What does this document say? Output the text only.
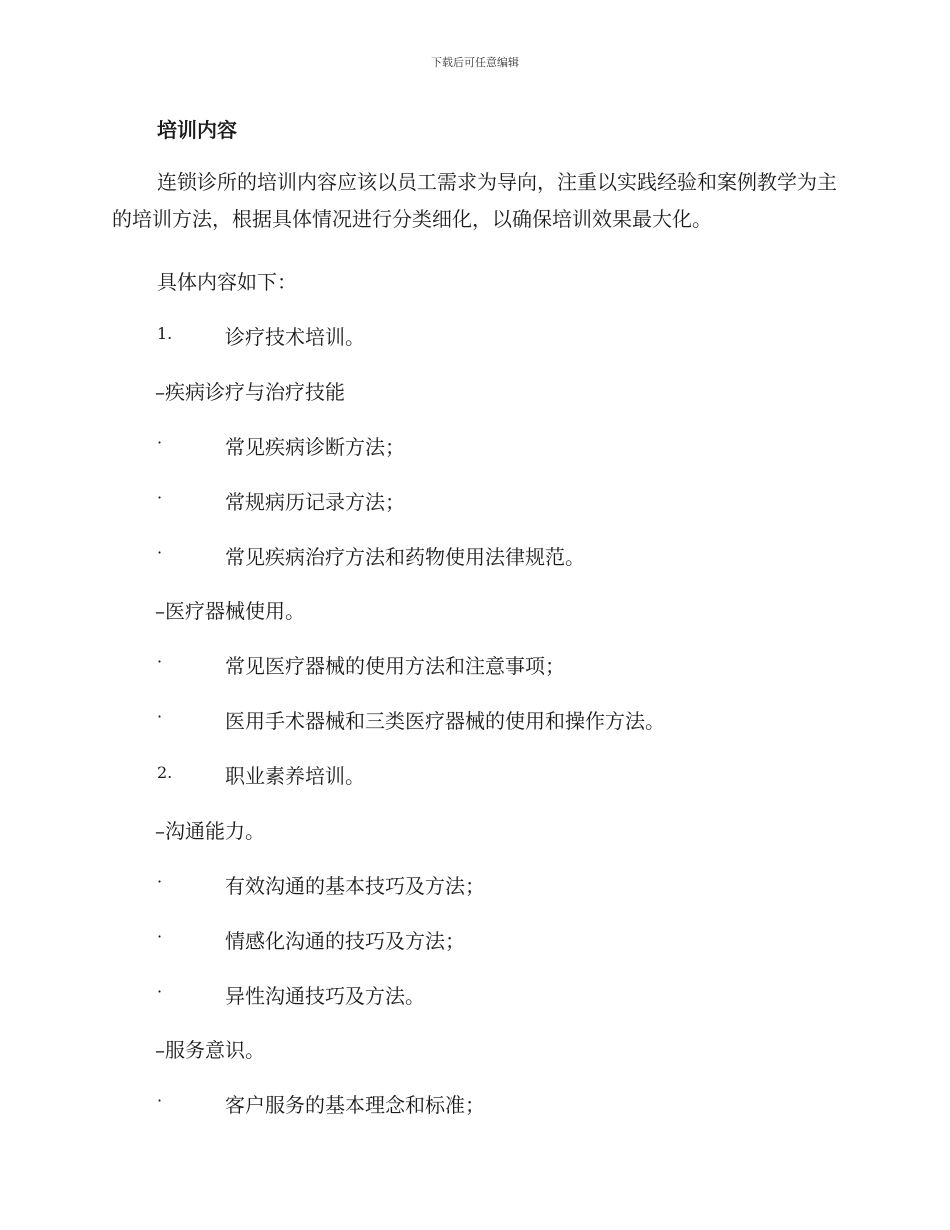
下载后可任意编辑
培训内容
连锁诊所的培训内容应该以员工需求为导向，注重以实践经验和案例教学为主的培训方法，根据具体情况进行分类细化，以确保培训效果最大化。
具体内容如下：
1.	诊疗技术培训。
–疾病诊疗与治疗技能
·	常见疾病诊断方法；
·	常规病历记录方法；
·	常见疾病治疗方法和药物使用法律规范。
–医疗器械使用。
·	常见医疗器械的使用方法和注意事项；
·	医用手术器械和三类医疗器械的使用和操作方法。
2.	职业素养培训。
–沟通能力。
·	有效沟通的基本技巧及方法；
·	情感化沟通的技巧及方法；
·	异性沟通技巧及方法。
–服务意识。
·	客户服务的基本理念和标准；
